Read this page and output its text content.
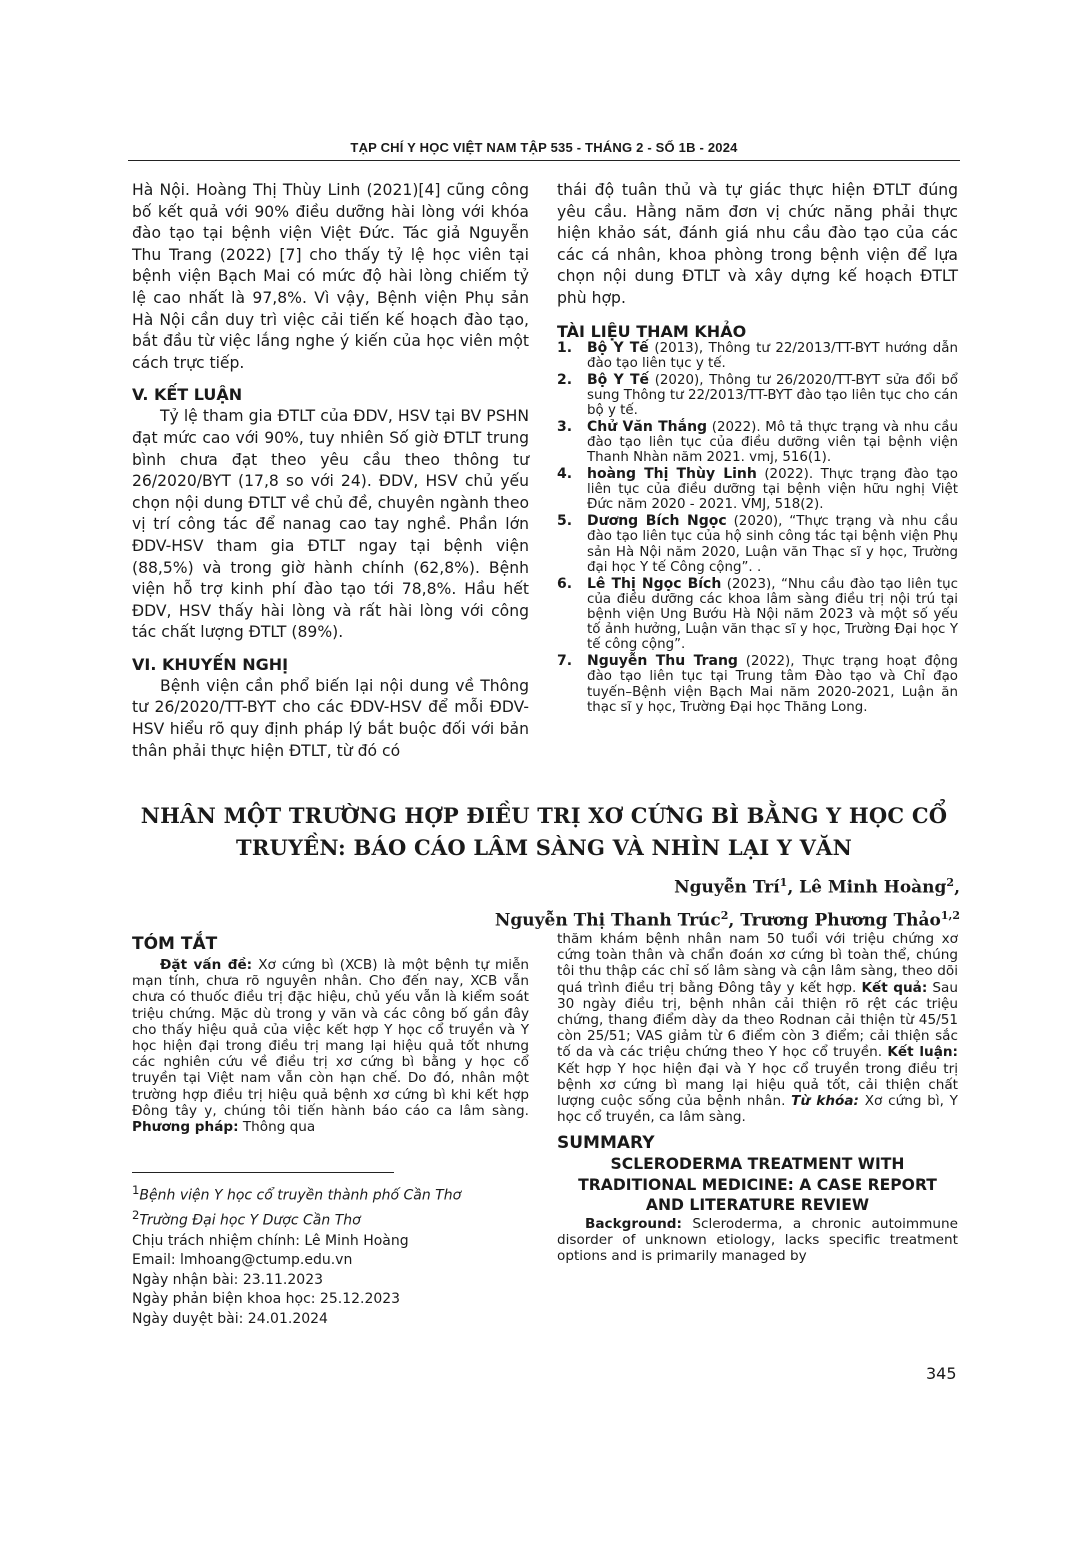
TẠP CHÍ Y HỌC VIỆT NAM TẬP 535 - THÁNG 2 - SỐ 1B - 2024

Hà Nội. Hoàng Thị Thùy Linh (2021)[4] cũng công bố kết quả với 90% điều dưỡng hài lòng với khóa đào tạo tại bệnh viện Việt Đức. Tác giả Nguyễn Thu Trang (2022) [7] cho thấy tỷ lệ học viên tại bệnh viện Bạch Mai có mức độ hài lòng chiếm tỷ lệ cao nhất là 97,8%. Vì vậy, Bệnh viện Phụ sản Hà Nội cần duy trì việc cải tiến kế hoạch đào tạo, bắt đầu từ việc lắng nghe ý kiến của học viên một cách trực tiếp.

V. KẾT LUẬN

Tỷ lệ tham gia ĐTLT của ĐDV, HSV tại BV PSHN đạt mức cao với 90%, tuy nhiên Số giờ ĐTLT trung bình chưa đạt theo yêu cầu theo thông tư 26/2020/BYT (17,8 so với 24). ĐDV, HSV chủ yếu chọn nội dung ĐTLT về chủ đề, chuyên ngành theo vị trí công tác để nanag cao tay nghề. Phần lớn ĐDV-HSV tham gia ĐTLT ngay tại bệnh viện (88,5%) và trong giờ hành chính (62,8%). Bệnh viện hỗ trợ kinh phí đào tạo tới 78,8%. Hầu hết ĐDV, HSV thấy hài lòng và rất hài lòng với công tác chất lượng ĐTLT (89%).

VI. KHUYẾN NGHỊ

Bệnh viện cần phổ biến lại nội dung về Thông tư 26/2020/TT-BYT cho các ĐDV-HSV để mỗi ĐDV-HSV hiểu rõ quy định pháp lý bắt buộc đối với bản thân phải thực hiện ĐTLT, từ đó có

thái độ tuân thủ và tự giác thực hiện ĐTLT đúng yêu cầu. Hằng năm đơn vị chức năng phải thực hiện khảo sát, đánh giá nhu cầu đào tạo của các các cá nhân, khoa phòng trong bệnh viện để lựa chọn nội dung ĐTLT và xây dựng kế hoạch ĐTLT phù hợp.

TÀI LIỆU THAM KHẢO
1. Bộ Y Tế (2013), Thông tư 22/2013/TT-BYT hướng dẫn đào tạo liên tục y tế.
2. Bộ Y Tế (2020), Thông tư 26/2020/TT-BYT sửa đổi bổ sung Thông tư 22/2013/TT-BYT đào tạo liên tục cho cán bộ y tế.
3. Chử Văn Thắng (2022). Mô tả thực trạng và nhu cầu đào tạo liên tục của điều dưỡng viên tại bệnh viện Thanh Nhàn năm 2021. vmj, 516(1).
4. hoàng Thị Thùy Linh (2022). Thực trạng đào tạo liên tục của điều dưỡng tại bệnh viện hữu nghị Việt Đức năm 2020 - 2021. VMJ, 518(2).
5. Dương Bích Ngọc (2020), “Thực trạng và nhu cầu đào tạo liên tục của hộ sinh công tác tại bệnh viện Phụ sản Hà Nội năm 2020, Luận văn Thạc sĩ y học, Trường đại học Y tế Công cộng”. .
6. Lê Thị Ngọc Bích (2023), “Nhu cầu đào tạo liên tục của điều dưỡng các khoa lâm sàng điều trị nội trú tại bệnh viện Ung Bướu Hà Nội năm 2023 và một số yếu tố ảnh hưởng, Luận văn thạc sĩ y học, Trường Đại học Y tế công cộng”.
7. Nguyễn Thu Trang (2022), Thực trạng hoạt động đào tạo liên tục tại Trung tâm Đào tạo và Chỉ đạo tuyến–Bệnh viện Bạch Mai năm 2020-2021, Luận ăn thạc sĩ y học, Trường Đại học Thăng Long.
NHÂN MỘT TRƯỜNG HỢP ĐIỀU TRỊ XƠ CỨNG BÌ BẰNG Y HỌC CỔ
TRUYỀN: BÁO CÁO LÂM SÀNG VÀ NHÌN LẠI Y VĂN
Nguyễn Trí$^1$, Lê Minh Hoàng$^2$,
Nguyễn Thị Thanh Trúc$^2$, Trương Phương Thảo$^{1,2}$
TÓM TẮT

Đặt vấn đề: Xơ cứng bì (XCB) là một bệnh tự miễn mạn tính, chưa rõ nguyên nhân. Cho đến nay, XCB vẫn chưa có thuốc điều trị đặc hiệu, chủ yếu vẫn là kiểm soát triệu chứng. Mặc dù trong y văn và các công bố gần đây cho thấy hiệu quả của việc kết hợp Y học cổ truyền và Y học hiện đại trong điều trị mang lại hiệu quả tốt nhưng các nghiên cứu về điều trị xơ cứng bì bằng y học cổ truyền tại Việt nam vẫn còn hạn chế. Do đó, nhân một trường hợp điều trị hiệu quả bệnh xơ cứng bì khi kết hợp Đông tây y, chúng tôi tiến hành báo cáo ca lâm sàng. Phương pháp: Thông qua

$^1$Bệnh viện Y học cổ truyền thành phố Cần Thơ
$^2$Trường Đại học Y Dược Cần Thơ
Chịu trách nhiệm chính: Lê Minh Hoàng
Email: lmhoang@ctump.edu.vn
Ngày nhận bài: 23.11.2023
Ngày phản biện khoa học: 25.12.2023
Ngày duyệt bài: 24.01.2024

thăm khám bệnh nhân nam 50 tuổi với triệu chứng xơ cứng toàn thân và chẩn đoán xơ cứng bì toàn thể, chúng tôi thu thập các chỉ số lâm sàng và cận lâm sàng, theo dõi quá trình điều trị bằng Đông tây y kết hợp. Kết quả: Sau 30 ngày điều trị, bệnh nhân cải thiện rõ rệt các triệu chứng, thang điểm dày da theo Rodnan cải thiện từ 45/51 còn 25/51; VAS giảm từ 6 điểm còn 3 điểm; cải thiện sắc tố da và các triệu chứng theo Y học cổ truyền. Kết luận: Kết hợp Y học hiện đại và Y học cổ truyền trong điều trị bệnh xơ cứng bì mang lại hiệu quả tốt, cải thiện chất lượng cuộc sống của bệnh nhân. Từ khóa: Xơ cứng bì, Y học cổ truyền, ca lâm sàng.

SUMMARY
SCLERODERMA TREATMENT WITH
TRADITIONAL MEDICINE: A CASE REPORT
AND LITERATURE REVIEW

Background: Scleroderma, a chronic autoimmune disorder of unknown etiology, lacks specific treatment options and is primarily managed by

345
